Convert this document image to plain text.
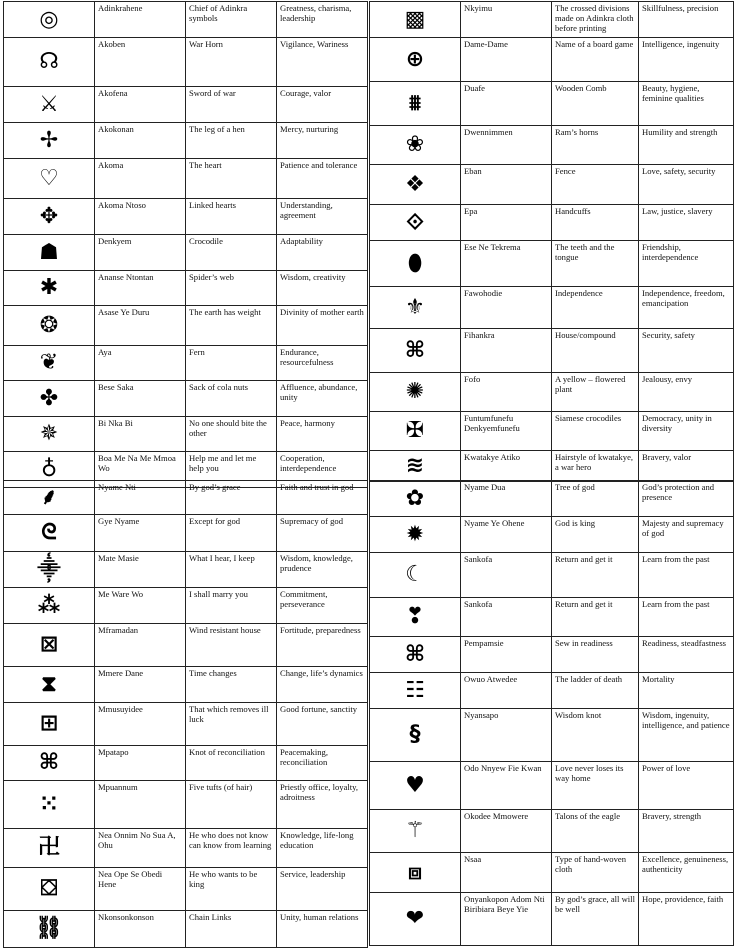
◎	Adinkrahene	Chief of Adinkra symbols	Greatness, charisma, leadership
☊	Akoben	War Horn	Vigilance, Wariness
⚔	Akofena	Sword of war	Courage, valor
✢	Akokonan	The leg of a hen	Mercy, nurturing
♡	Akoma	The heart	Patience and tolerance
✥	Akoma Ntoso	Linked hearts	Understanding, agreement
☗	Denkyem	Crocodile	Adaptability
✱	Ananse Ntontan	Spider’s web	Wisdom, creativity
❂	Asase Ye Duru	The earth has weight	Divinity of mother earth
❦	Aya	Fern	Endurance, resourcefulness
✤	Bese Saka	Sack of cola nuts	Affluence, abundance, unity
✵	Bi Nka Bi	No one should bite the other	Peace, harmony
♁	Boa Me Na Me Mmoa Wo	Help me and let me help you	Cooperation, interdependence
▩	Nkyimu	The crossed divisions made on Adinkra cloth before printing	Skillfulness, precision
⊕	Dame-Dame	Name of a board game	Intelligence, ingenuity
⩩	Duafe	Wooden Comb	Beauty, hygiene, feminine qualities
❀	Dwennimmen	Ram’s horns	Humility and strength
❖	Eban	Fence	Love, safety, security
⟐	Epa	Handcuffs	Law, justice, slavery
⬮	Ese Ne Tekrema	The teeth and the tongue	Friendship, interdependence
⚜	Fawohodie	Independence	Independence, freedom, emancipation
⌘	Fihankra	House/compound	Security, safety
✺	Fofo	A yellow – flowered plant	Jealousy, envy
✠	Funtumfunefu Denkyemfunefu	Siamese crocodiles	Democracy, unity in diversity
≋	Kwatakye Atiko	Hairstyle of kwatakye, a war hero	Bravery, valor
⸙	Nyame Nti	By god’s grace	Faith and trust in god
ᘓ	Gye Nyame	Except for god	Supremacy of god
⸎	Mate Masie	What I hear, I keep	Wisdom, knowledge, prudence
⁂	Me Ware Wo	I shall marry you	Commitment, perseverance
⊠	Mframadan	Wind resistant house	Fortitude, preparedness
⧗	Mmere Dane	Time changes	Change, life’s dynamics
⊞	Mmusuyidee	That which removes ill luck	Good fortune, sanctity
⌘	Mpatapo	Knot of reconciliation	Peacemaking, reconciliation
⁙	Mpuannum	Five tufts (of hair)	Priestly office, loyalty, adroitness
卍	Nea Onnim No Sua A, Ohu	He who does not know can know from learning	Knowledge, life-long education
⛋	Nea Ope Se Obedi Hene	He who wants to be king	Service, leadership
⛓	Nkonsonkonson	Chain Links	Unity, human relations
✿	Nyame Dua	Tree of god	God’s protection and presence
✹	Nyame Ye Ohene	God is king	Majesty and supremacy of god
☾	Sankofa	Return and get it	Learn from the past
❣	Sankofa	Return and get it	Learn from the past
⌘	Pempamsie	Sew in readiness	Readiness, steadfastness
☷	Owuo Atwedee	The ladder of death	Mortality
§	Nyansapo	Wisdom knot	Wisdom, ingenuity, intelligence, and patience
♥	Odo Nnyew Fie Kwan	Love never loses its way home	Power of love
⚚	Okodee Mmowere	Talons of the eagle	Bravery, strength
⧈	Nsaa	Type of hand-woven cloth	Excellence, genuineness, authenticity
❤	Onyankopon Adom Nti Biribiara Beye Yie	By god’s grace, all will be well	Hope, providence, faith
